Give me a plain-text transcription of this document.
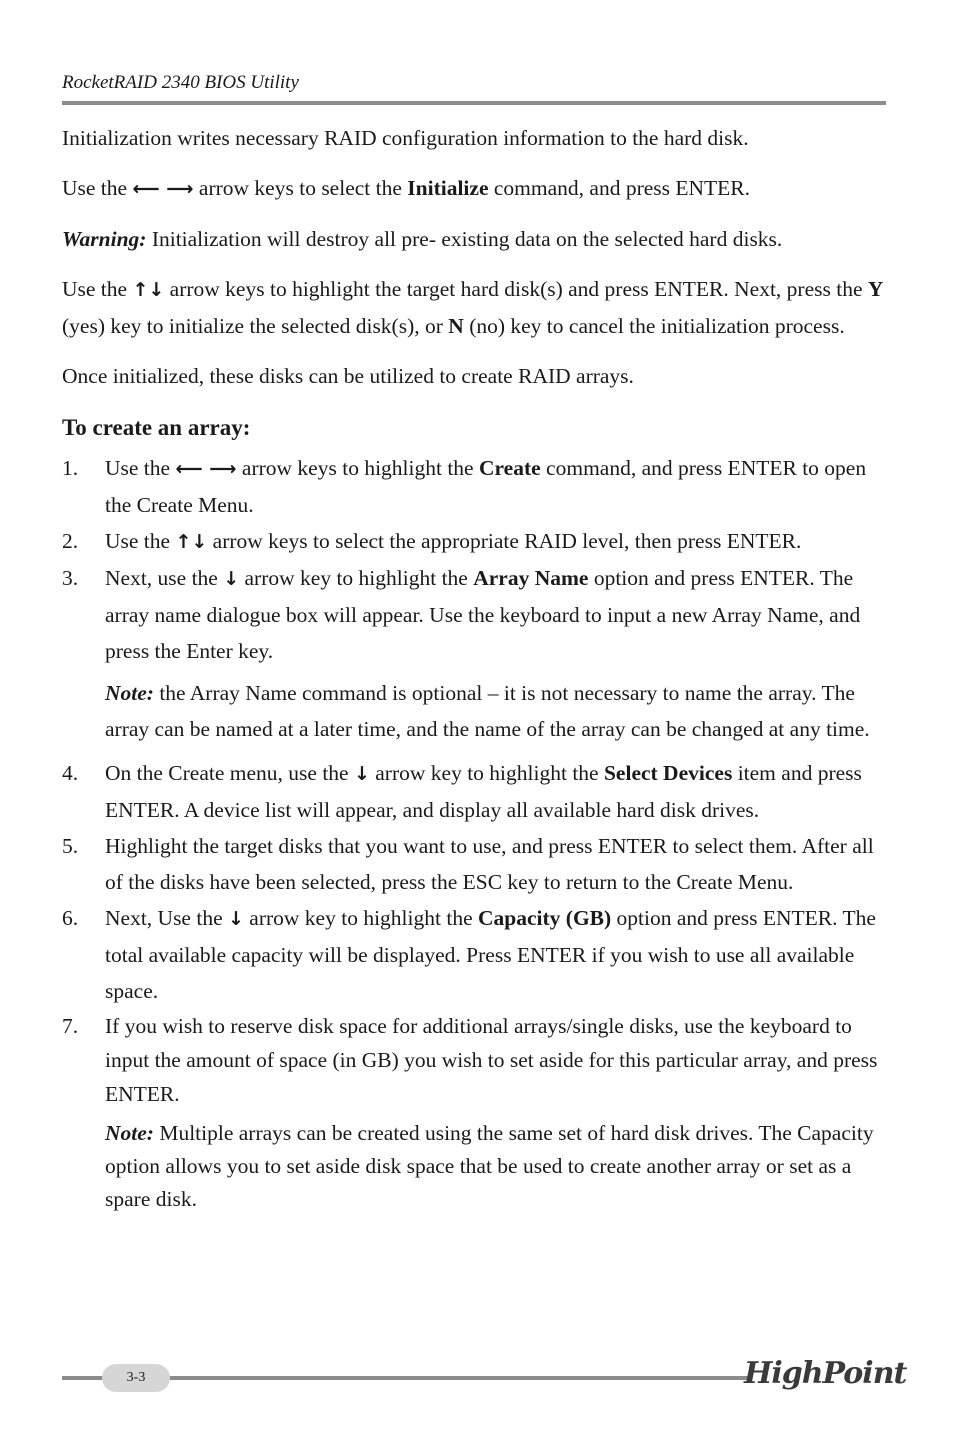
RocketRAID 2340 BIOS Utility

Initialization writes necessary RAID configuration information to the hard disk.

Use the ⟵ ⟶ arrow keys to select the Initialize command, and press ENTER.

Warning: Initialization will destroy all pre- existing data on the selected hard disks.

Use the ↑↓ arrow keys to highlight the target hard disk(s) and press ENTER. Next, press the Y (yes) key to initialize the selected disk(s), or N (no) key to cancel the initialization process.

Once initialized, these disks can be utilized to create RAID arrays.

To create an array:
1. Use the ⟵ ⟶ arrow keys to highlight the Create command, and press ENTER to open the Create Menu.
2. Use the ↑↓ arrow keys to select the appropriate RAID level, then press ENTER.
3. Next, use the ↓ arrow key to highlight the Array Name option and press ENTER. The array name dialogue box will appear. Use the keyboard to input a new Array Name, and press the Enter key.

Note: the Array Name command is optional – it is not necessary to name the array. The array can be named at a later time, and the name of the array can be changed at any time.

4. On the Create menu, use the ↓ arrow key to highlight the Select Devices item and press ENTER. A device list will appear, and display all available hard disk drives.
5. Highlight the target disks that you want to use, and press ENTER to select them. After all of the disks have been selected, press the ESC key to return to the Create Menu.
6. Next, Use the ↓ arrow key to highlight the Capacity (GB) option and press ENTER. The total available capacity will be displayed. Press ENTER if you wish to use all available space.
7. If you wish to reserve disk space for additional arrays/single disks, use the keyboard to input the amount of space (in GB) you wish to set aside for this particular array, and press ENTER.

Note: Multiple arrays can be created using the same set of hard disk drives. The Capacity option allows you to set aside disk space that be used to create another array or set as a spare disk.

3-3	HighPoint
